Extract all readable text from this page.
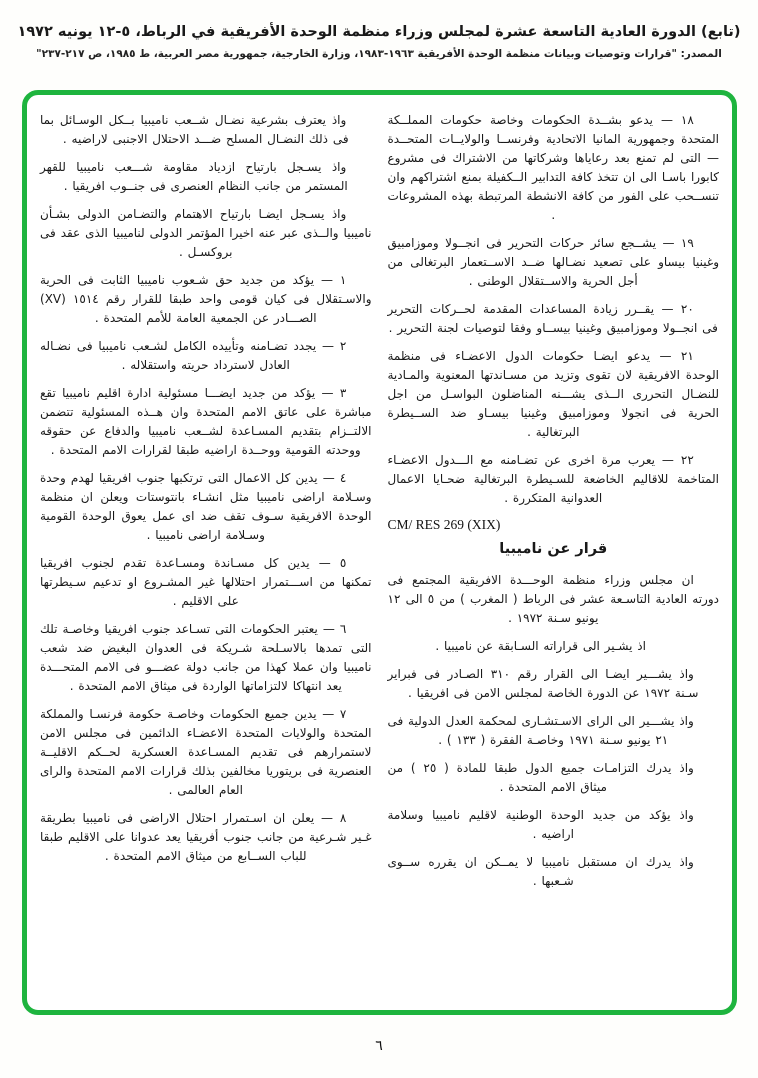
(تابع) الدورة العادية التاسعة عشرة لمجلس وزراء منظمة الوحدة الأفريقية في الرباط، ٥-١٢ يونيه ١٩٧٢
المصدر: "قرارات وتوصيات وبيانات منظمة الوحدة الأفريقية ١٩٦٣-١٩٨٣، وزارة الخارجية، جمهورية مصر العربية، ط ١٩٨٥، ص ٢١٧-٢٣٧"

١٨ — يدعو بشــدة الحكومات وخاصة حكومات المملــكة المتحدة وجمهورية المانيا الاتحادية وفرنســا والولايــات المتحــدة — التى لم تمنع بعد رعاياها وشركاتها من الاشتراك فى مشروع كابورا باسـا الى ان تتخذ كافة التدابير الــكفيلة بمنع اشتراكهم وان تنســحب على الفور من كافة الانشطة المرتبطة بهذه المشروعات .

١٩ — يشــجع سائر حركات التحرير فى انجــولا وموزامبيق وغينيا بيساو على تصعيد نضـالها ضــد الاســتعمار البرتغالى من أجل الحرية والاســتقلال الوطنى .

٢٠ — يقــرر زيادة المساعدات المقدمة لحــركات التحرير فى انجــولا وموزامبيق وغينيا بيســاو وفقا لتوصيات لجنة التحرير .

٢١ — يدعو ايضـا حكومات الدول الاعضـاء فى منظمة الوحدة الافريقية لان تقوى وتزيد من مسـاندتها المعنوية والمـادية للنضـال التحررى الــذى يشـــنه المناضلون البواسـل من اجل الحرية فى انجولا وموزامبيق وغينيا بيسـاو ضد الســيطرة البرتغالية .

٢٢ — يعرب مرة اخرى عن تضـامنه مع الـــدول الاعضـاء المتاخمة للاقاليم الخاضعة للسـيطرة البرتغالية ضحـايا الاعمال العدوانية المتكررة .

CM/ RES 269 (XIX)
قرار عن ناميبيا

ان مجلس وزراء منظمة الوحـــدة الافريقية المجتمع فى دورته العادية التاسـعة عشر فى الرباط ( المغرب ) من ٥ الى ١٢ يونيو سـنة ١٩٧٢ .

اذ يشـير الى قراراته السـابقة عن ناميبيا .

واذ يشـــير ايضـا الى القرار رقم ٣١٠ الصـادر فى فبراير سـنة ١٩٧٢ عن الدورة الخاصة لمجلس الامن فى افريقيا .

واذ يشـــير الى الراى الاسـتشـارى لمحكمة العدل الدولية فى ٢١ يونيو سـنة ١٩٧١ وخاصـة الفقرة ( ١٣٣ ) .

واذ يدرك التزامـات جميع الدول طبقا للمادة ( ٢٥ ) من ميثاق الامم المتحدة .

واذ يؤكد من جديد الوحدة الوطنية لاقليم ناميبيا وسلامة اراضيه .

واذ يدرك ان مستقبل ناميبيا لا يمــكن ان يقرره ســوى شـعبها .

واذ يعترف بشرعية نضـال شــعب ناميبيا بــكل الوسـائل بما فى ذلك النضـال المسلح ضـــد الاحتلال الاجنبى لاراضيه .

واذ يسـجل بارتياح ازدياد مقاومة شـــعب ناميبيا للقهر المستمر من جانب النظام العنصرى فى جنــوب افريقيا .

واذ يسـجل ايضـا بارتياح الاهتمام والتضـامن الدولى بشـأن ناميبيا والــذى عبر عنه اخيرا المؤتمر الدولى لناميبيا الذى عقد فى بروكسـل .

١ — يؤكد من جديد حق شـعوب ناميبيا الثابت فى الحرية والاسـتقلال فى كيان قومى واحد طبقا للقرار رقم ١٥١٤ (XV) الصـــادر عن الجمعية العامة للأمم المتحدة .

٢ — يجدد تضـامنه وتأييده الكامل لشـعب ناميبيا فى نضـاله العادل لاسترداد حريته واستقلاله .

٣ — يؤكد من جديد ايضـــا مسئولية ادارة اقليم ناميبيا تقع مباشرة على عاتق الامم المتحدة وان هــذه المسئولية تتضمن الالتــزام بتقديم المسـاعدة لشــعب ناميبيا والدفاع عن حقوقه ووحدته القومية ووحــدة اراضيه طبقا لقرارات الامم المتحدة .

٤ — يدين كل الاعمال التى ترتكبها جنوب افريقيا لهدم وحدة وسـلامة اراضى ناميبيا مثل انشـاء بانتوستات ويعلن ان منظمة الوحدة الافريقية سـوف تقف ضد اى عمل يعوق الوحدة القومية وسـلامة اراضى ناميبيا .

٥ — يدين كل مسـاندة ومسـاعدة تقدم لجنوب افريقيا تمكنها من اســـتمرار احتلالها غير المشـروع او تدعيم سـيطرتها على الاقليم .

٦ — يعتبر الحكومات التى تسـاعد جنوب افريقيا وخاصـة تلك التى تمدها بالاسـلحة شـريكة فى العدوان البغيض ضد شعب ناميبيا وان عملا كهذا من جانب دولة عضـــو فى الامم المتحـــدة يعد انتهاكا لالتزاماتها الواردة فى ميثاق الامم المتحدة .

٧ — يدين جميع الحكومات وخاصـة حكومة فرنسـا والمملكة المتحدة والولايات المتحدة الاعضـاء الدائمين فى مجلس الامن لاستمرارهم فى تقديم المسـاعدة العسكرية لحــكم الاقليــة العنصرية فى بريتوريا مخالفين بذلك قرارات الامم المتحدة والراى العام العالمى .

٨ — يعلن ان اسـتمرار احتلال الاراضى فى ناميبيا بطريقة غـير شـرعية من جانب جنوب أفريقيا يعد عدوانا على الاقليم طبقا للباب الســابع من ميثاق الامم المتحدة .

٦
